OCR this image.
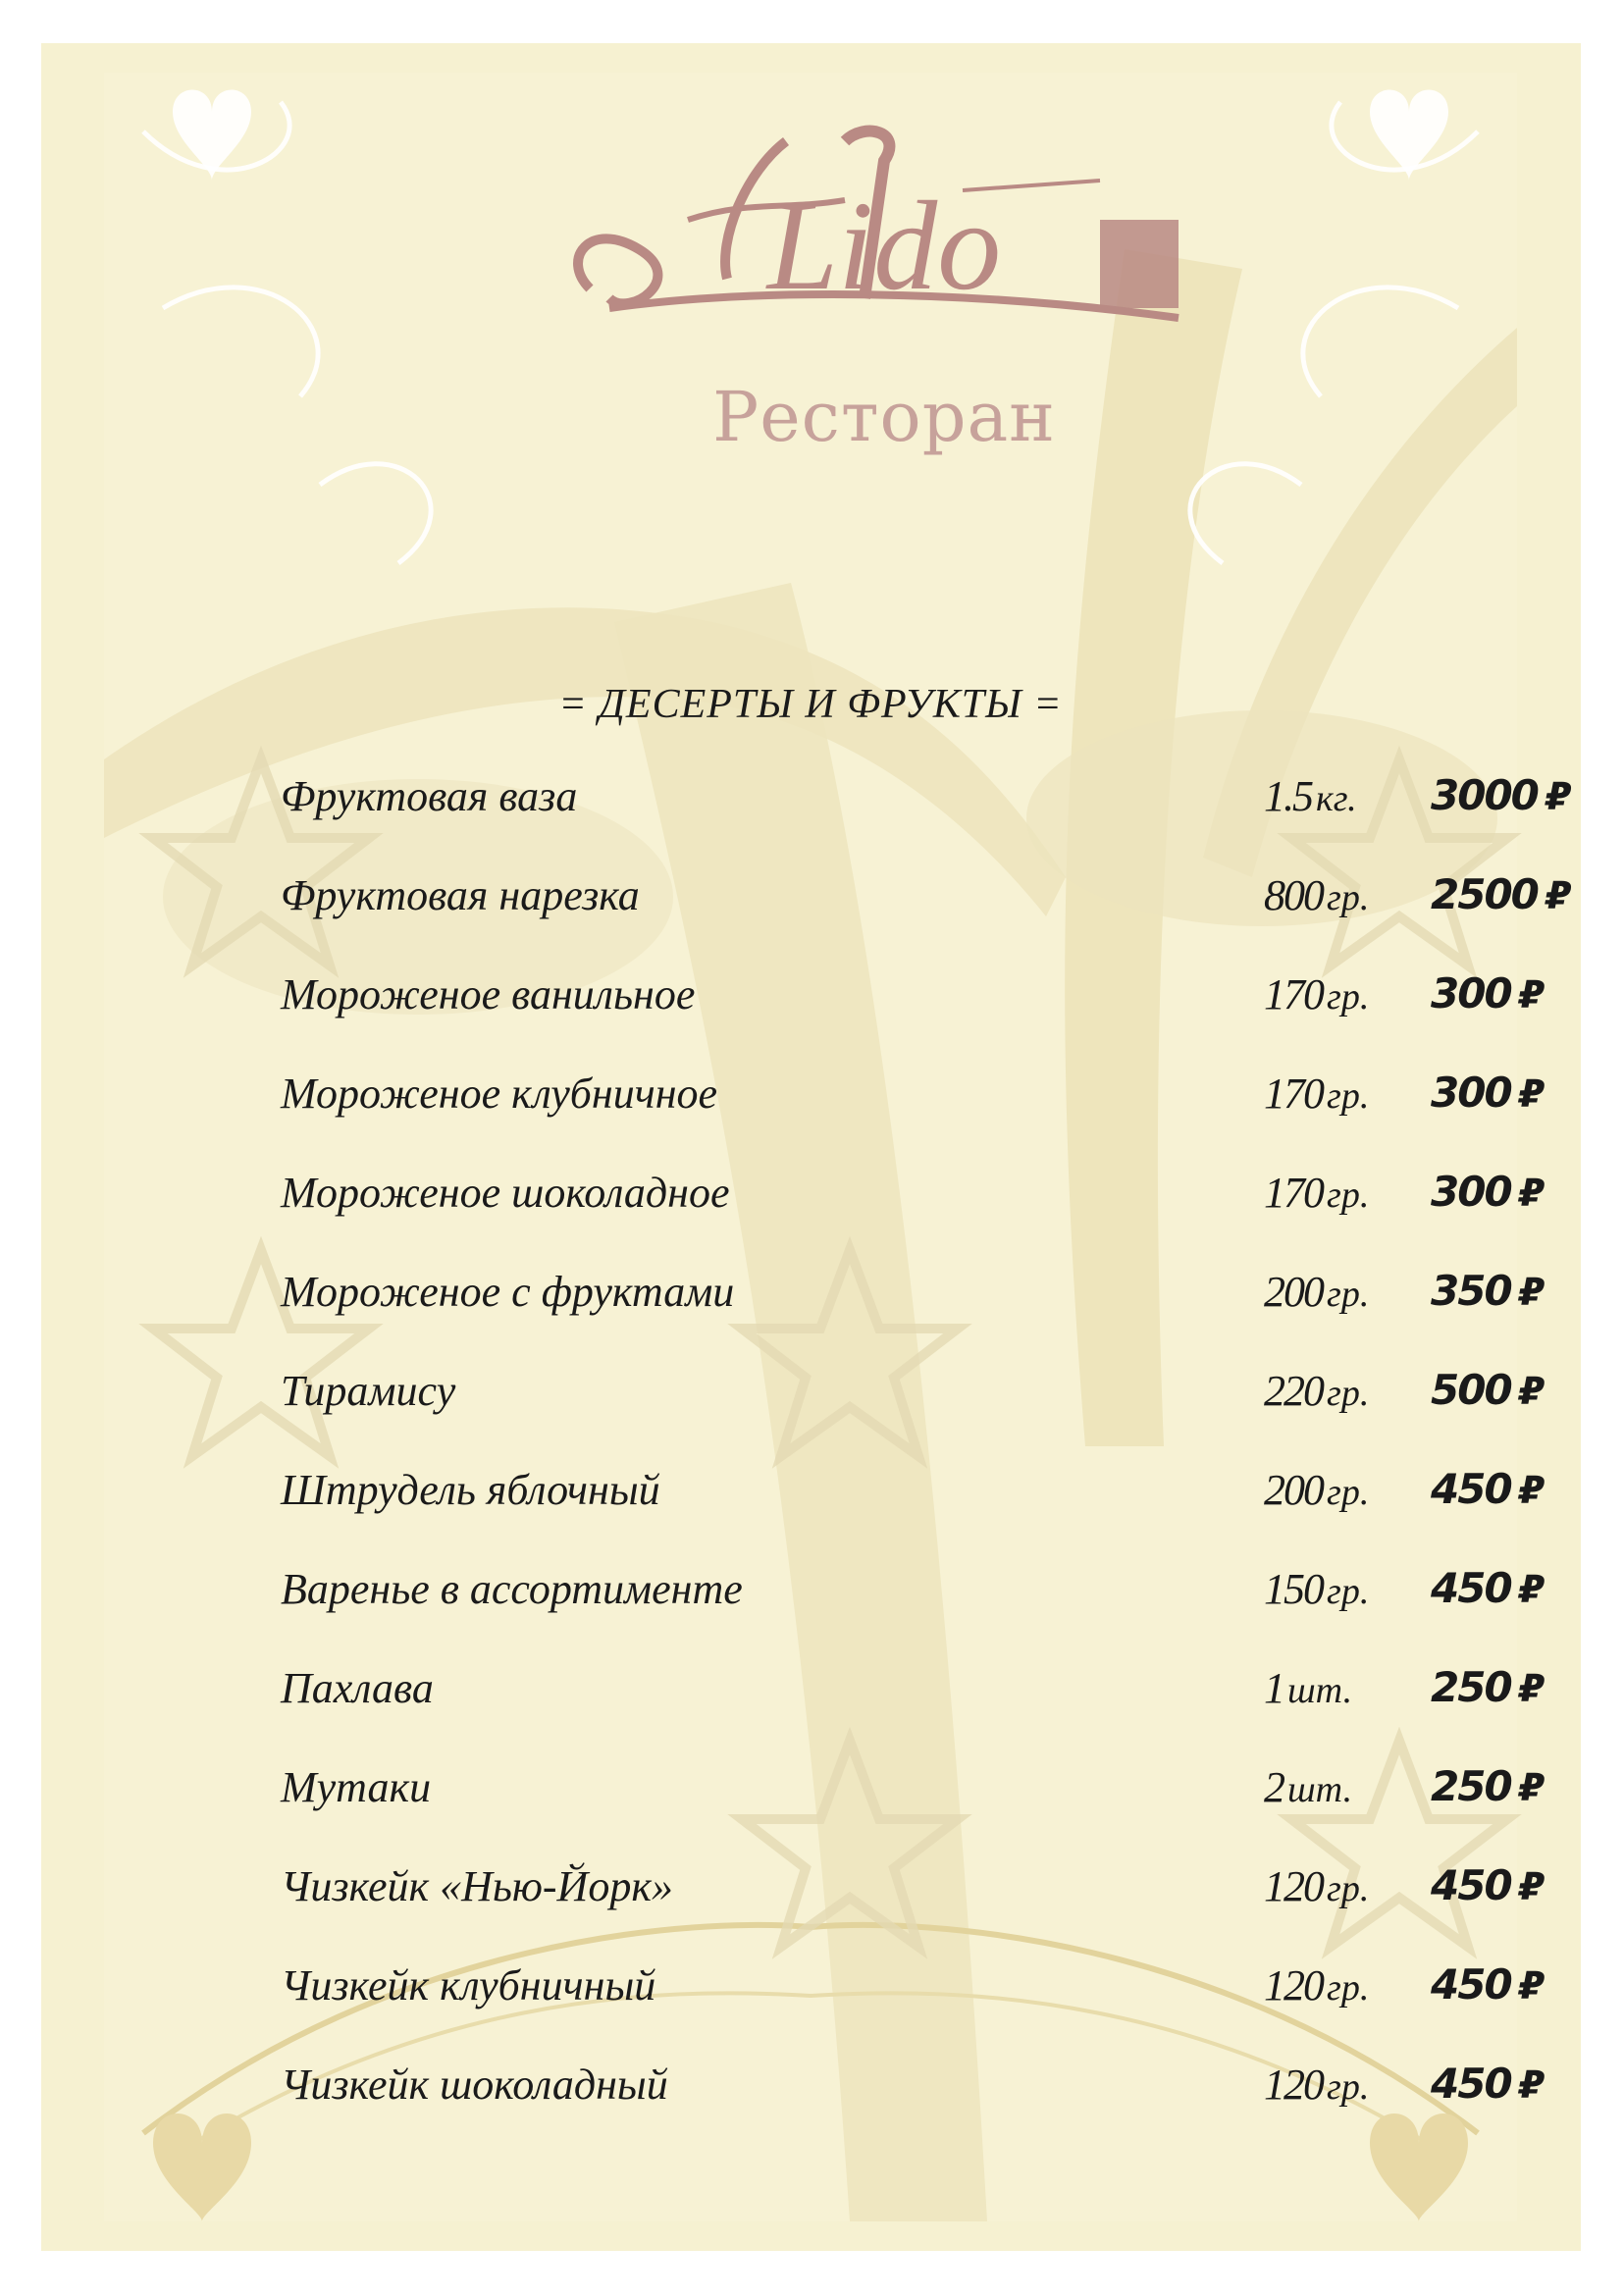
Lido
Ресторан
= ДЕСЕРТЫ И ФРУКТЫ =
Фруктовая ваза	1.5 кг. 3000 ₽
Фруктовая нарезка	800 гр. 2500 ₽
Мороженое ванильное	170 гр. 300 ₽
Мороженое клубничное	170 гр. 300 ₽
Мороженое шоколадное	170 гр. 300 ₽
Мороженое с фруктами	200 гр. 350 ₽
Тирамису	220 гр. 500 ₽
Штрудель яблочный	200 гр. 450 ₽
Варенье в ассортименте	150 гр. 450 ₽
Пахлава	1 шт. 250 ₽
Мутаки	2 шт. 250 ₽
Чизкейк «Нью-Йорк»	120 гр. 450 ₽
Чизкейк клубничный	120 гр. 450 ₽
Чизкейк шоколадный	120 гр. 450 ₽
